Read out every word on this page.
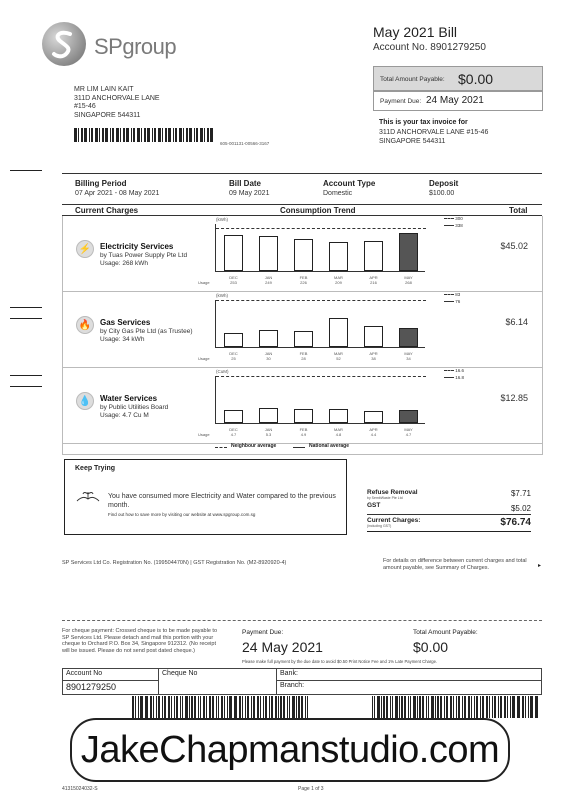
SPgroup
May 2021 Bill
Account No. 8901279250
Total Amount Payable: $0.00
Payment Due: 24 May 2021
This is your tax invoice for
311D ANCHORVALE LANE #15-46
SINGAPORE 544311
MR LIM LAIN KAIT
311D ANCHORVALE LANE
#15-46
SINGAPORE 544311
605-001131-00566-3167
Billing Period
07 Apr 2021 - 08 May 2021
Bill Date
09 May 2021
Account Type
Domestic
Deposit
$100.00
Current Charges	Consumption Trend	Total
⚡	Electricity Services
by Tuas Power Supply Pte Ltd
Usage: 268 kWh
$45.02
(kWh)	300
338
DEC
253
JAN
249
FEB
226
MAR
209
APR
216
MAY
268
Usage
🔥	Gas Services
by City Gas Pte Ltd (as Trustee)
Usage: 34 kWh
$6.14
(kWh)	83
76
DEC
25
JAN
30
FEB
28
MAR
52
APR
38
MAY
34
Usage
💧	Water Services
by Public Utilities Board
Usage: 4.7 Cu M
$12.85
(CuM)	16.6
16.8
DEC
4.7
JAN
5.3
FEB
4.9
MAR
4.8
APR
4.4
MAY
4.7
Usage
Neighbour average	National average
Keep Trying
You have consumed more Electricity and Water compared to the previous month.
Find out how to save more by visiting our website at www.spgroup.com.sg
Refuse Removal	$7.71
by SembWaste Pte Ltd
GST	$5.02
Current Charges:	$76.74
(including GST)
SP Services Ltd Co. Registration No. (199504470N) | GST Registration No. (M2-8920920-4)	For details on difference between current charges and total amount payable, see Summary of Charges.	▸
For cheque payment: Crossed cheque is to be made payable to SP Services Ltd. Please detach and mail this portion with your cheque to Orchard P.O. Box 34, Singapore 912312. (No receipt will be issued. Please do not send post dated cheque.)
Payment Due:
24 May 2021
Total Amount Payable:
$0.00
Please make full payment by the due date to avoid $0.50 Print Notice Fee and 1% Late Payment Charge.
Account No	Cheque No	Bank:
8901279250		Branch:
JakeChapmanstudio.com
41315024032-S	Page 1 of 3
